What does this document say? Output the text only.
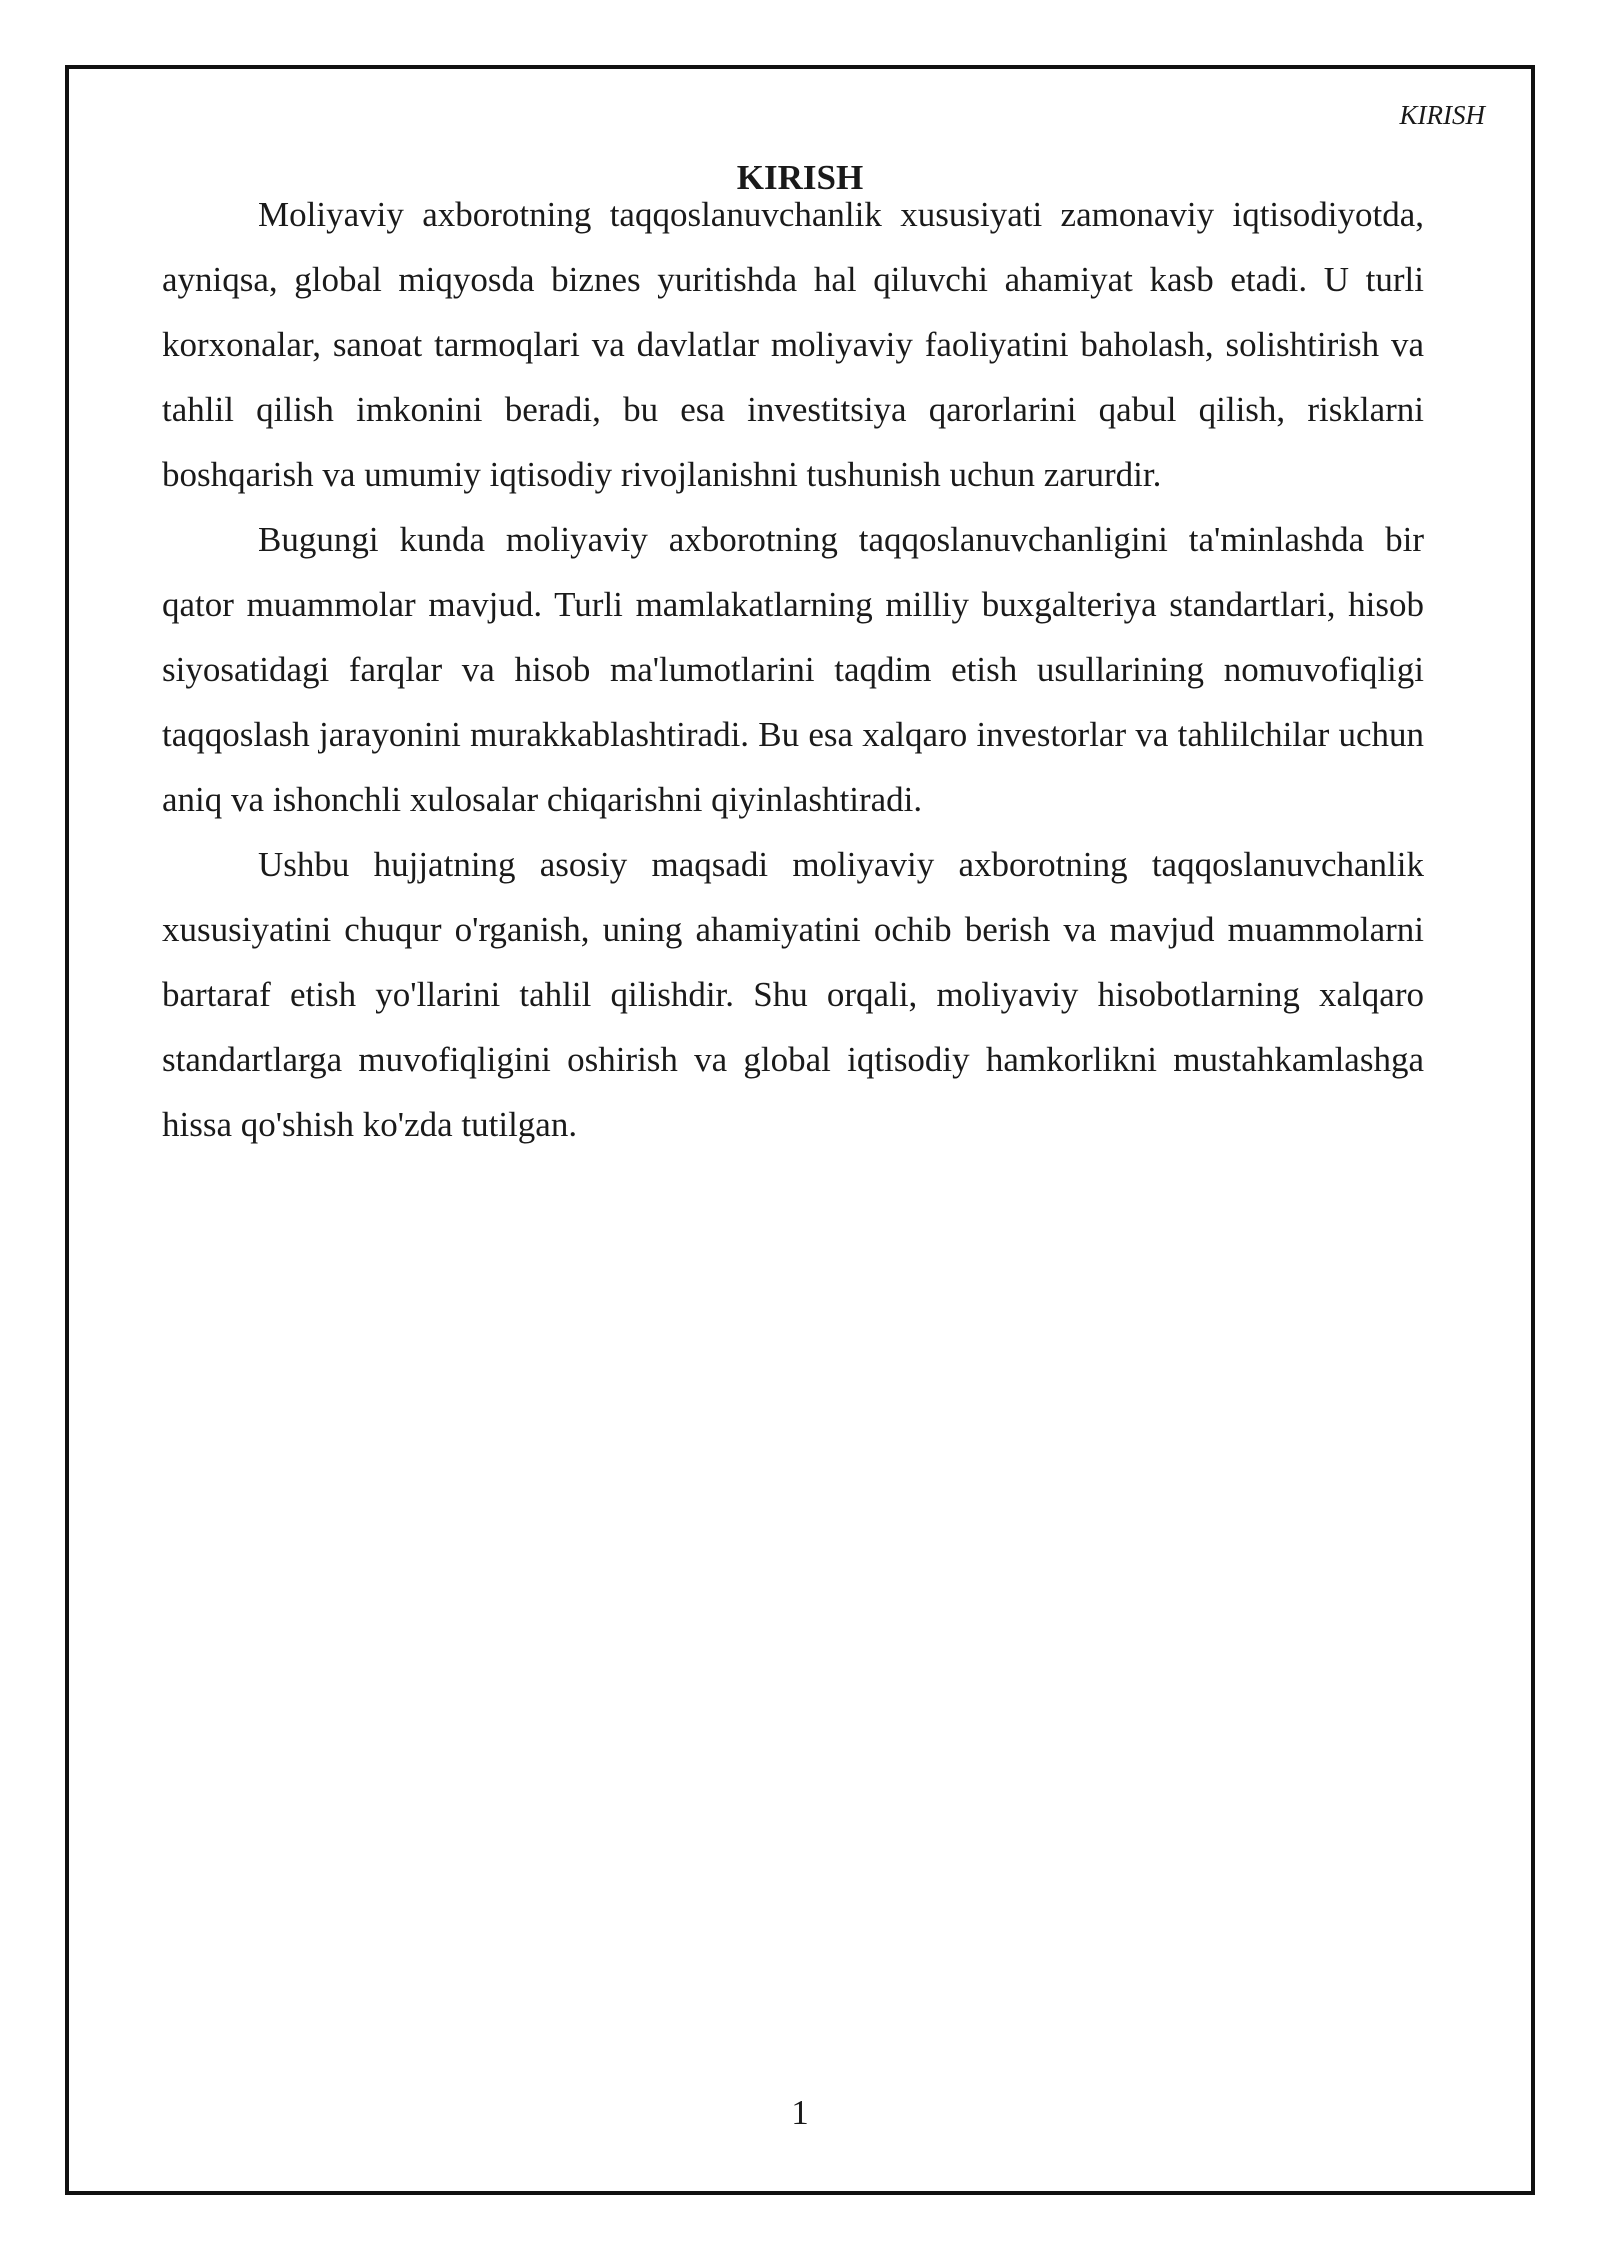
KIRISH
KIRISH
1

Moliyaviy axborotning taqqoslanuvchanlik xususiyati zamonaviy iqtisodiyotda, ayniqsa, global miqyosda biznes yuritishda hal qiluvchi ahamiyat kasb etadi. U turli korxonalar, sanoat tarmoqlari va davlatlar moliyaviy faoliyatini baholash, solishtirish va tahlil qilish imkonini beradi, bu esa investitsiya qarorlarini qabul qilish, risklarni boshqarish va umumiy iqtisodiy rivojlanishni tushunish uchun zarurdir.

Bugungi kunda moliyaviy axborotning taqqoslanuvchanligini ta'minlashda bir qator muammolar mavjud. Turli mamlakatlarning milliy buxgalteriya standartlari, hisob siyosatidagi farqlar va hisob ma'lumotlarini taqdim etish usullarining nomuvofiqligi taqqoslash jarayonini murakkablashtiradi. Bu esa xalqaro investorlar va tahlilchilar uchun aniq va ishonchli xulosalar chiqarishni qiyinlashtiradi.

Ushbu hujjatning asosiy maqsadi moliyaviy axborotning taqqoslanuvchanlik xususiyatini chuqur o'rganish, uning ahamiyatini ochib berish va mavjud muammolarni bartaraf etish yo'llarini tahlil qilishdir. Shu orqali, moliyaviy hisobotlarning xalqaro standartlarga muvofiqligini oshirish va global iqtisodiy hamkorlikni mustahkamlashga hissa qo'shish ko'zda tutilgan.
